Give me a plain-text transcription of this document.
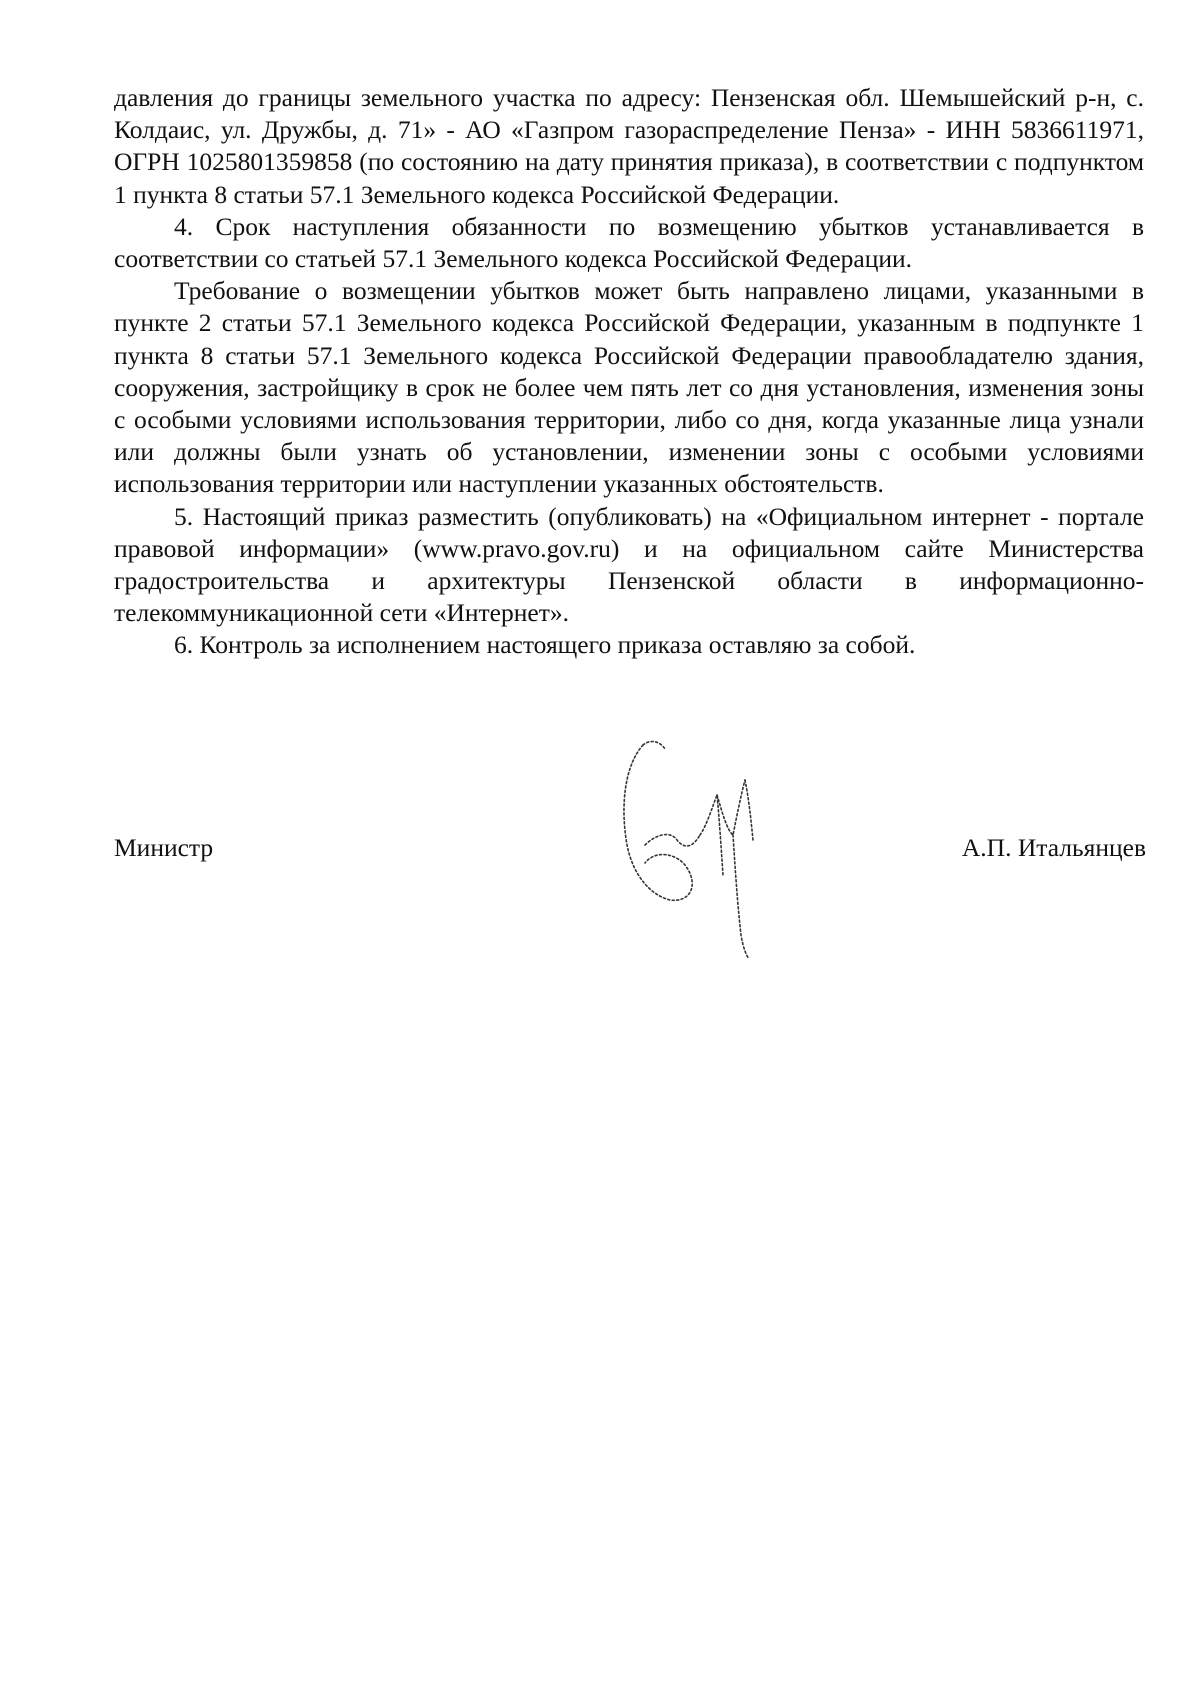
давления до границы земельного участка по адресу: Пензенская обл. Шемышейский р-н, с. Колдаис, ул. Дружбы, д. 71» - АО «Газпром газораспределение Пенза» - ИНН 5836611971, ОГРН 1025801359858 (по состоянию на дату принятия приказа), в соответствии с подпунктом 1 пункта 8 статьи 57.1 Земельного кодекса Российской Федерации.

4. Срок наступления обязанности по возмещению убытков устанавливается в соответствии со статьей 57.1 Земельного кодекса Российской Федерации.

Требование о возмещении убытков может быть направлено лицами, указанными в пункте 2 статьи 57.1 Земельного кодекса Российской Федерации, указанным в подпункте 1 пункта 8 статьи 57.1 Земельного кодекса Российской Федерации правообладателю здания, сооружения, застройщику в срок не более чем пять лет со дня установления, изменения зоны с особыми условиями использования территории, либо со дня, когда указанные лица узнали или должны были узнать об установлении, изменении зоны с особыми условиями использования территории или наступлении указанных обстоятельств.

5. Настоящий приказ разместить (опубликовать) на «Официальном интернет - портале правовой информации» (www.pravo.gov.ru) и на официальном сайте Министерства градостроительства и архитектуры Пензенской области в информационно-телекоммуникационной сети «Интернет».

6. Контроль за исполнением настоящего приказа оставляю за собой.

Министр	А.П. Итальянцев
